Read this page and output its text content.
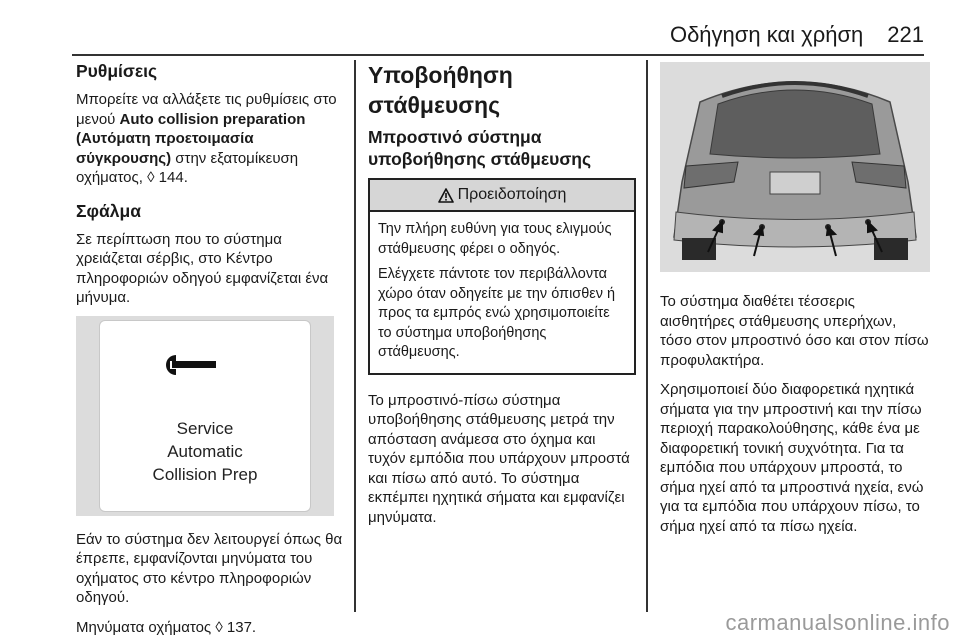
Οδήγηση και χρήση 221
Ρυθμίσεις

Μπορείτε να αλλάξετε τις ρυθμίσεις στο μενού Auto collision preparation (Αυτόματη προετοιμασία σύγκρουσης) στην εξατομίκευση οχήματος, ◊ 144.

Σφάλμα

Σε περίπτωση που το σύστημα χρειάζεται σέρβις, στο Κέντρο πληροφοριών οδηγού εμφανίζεται ένα μήνυμα.

Service
Automatic
Collision Prep

Εάν το σύστημα δεν λειτουργεί όπως θα έπρεπε, εμφανίζονται μηνύματα του οχήματος στο κέντρο πληροφοριών οδηγού.

Μηνύματα οχήματος ◊ 137.

Υποβοήθηση στάθμευσης
Μπροστινό σύστημα υποβοήθησης στάθμευσης
Προειδοποίηση

Την πλήρη ευθύνη για τους ελιγμούς στάθμευσης φέρει ο οδηγός.

Ελέγχετε πάντοτε τον περιβάλλοντα χώρο όταν οδηγείτε με την όπισθεν ή προς τα εμπρός ενώ χρησιμοποιείτε το σύστημα υποβοήθησης στάθμευσης.

Το μπροστινό-πίσω σύστημα υποβοήθησης στάθμευσης μετρά την απόσταση ανάμεσα στο όχημα και τυχόν εμπόδια που υπάρχουν μπροστά και πίσω από αυτό. Το σύστημα εκπέμπει ηχητικά σήματα και εμφανίζει μηνύματα.

Το σύστημα διαθέτει τέσσερις αισθητήρες στάθμευσης υπερήχων, τόσο στον μπροστινό όσο και στον πίσω προφυλακτήρα.

Χρησιμοποιεί δύο διαφορετικά ηχητικά σήματα για την μπροστινή και την πίσω περιοχή παρακολούθησης, κάθε ένα με διαφορετική τονική συχνότητα. Για τα εμπόδια που υπάρχουν μπροστά, το σήμα ηχεί από τα μπροστινά ηχεία, ενώ για τα εμπόδια που υπάρχουν πίσω, το σήμα ηχεί από τα πίσω ηχεία.

carmanualsonline.info
